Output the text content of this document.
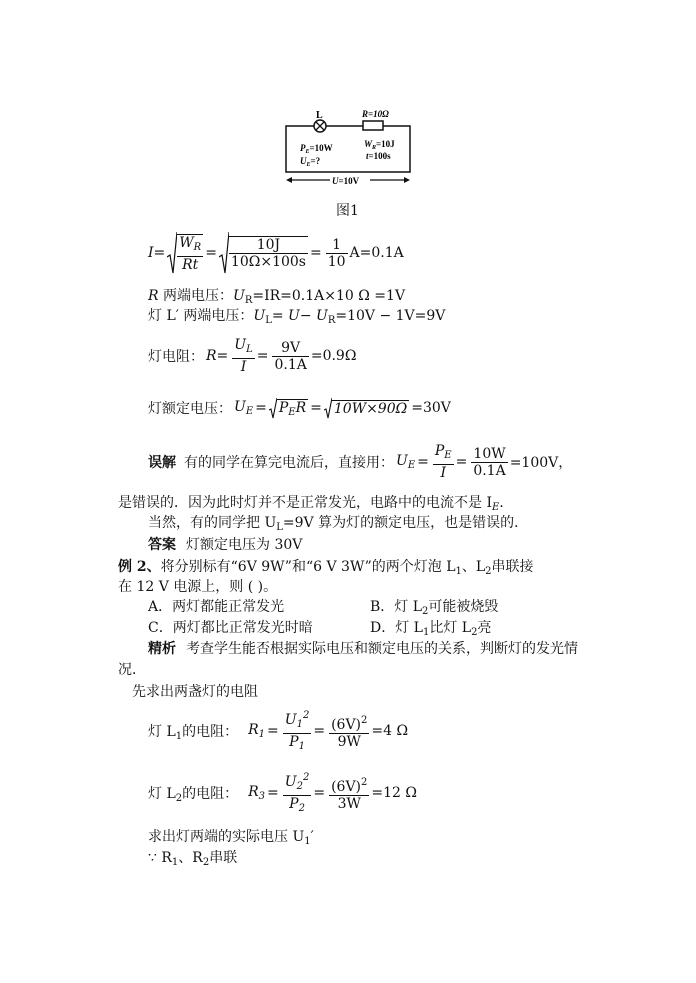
L	R=10Ω
$P_E=10W$
$U_E=$?
$W_R=10J$
t=100s
U=10V
图1
$I= \frac{W_R}{Rt} = \frac{10J}{10\Omega\times 100s} = \frac{1}{10} A=0.1A$
R 两端电压：$U_R=IR=0.1A\times 10$ Ω =1V
灯 L′ 两端电压：$U_L= U- U_R=10V - 1V=9V$
灯电阻： $R= \frac{U_L}{I} = \frac{9V}{0.1A} =0.9\Omega$
灯额定电压： $U_E = P_ER = 10W\times 90\Omega =30V$
误解 有的同学在算完电流后，直接用： $U_E = \frac{P_E}{I} = \frac{10W}{0.1A} =100V$，
是错误的．因为此时灯并不是正常发光，电路中的电流不是 $I_E$.
当然，有的同学把 $U_L=9V$ 算为灯的额定电压，也是错误的．
答案 灯额定电压为 30V
例 2、将分别标有“6V 9W”和“6 V 3W”的两个灯泡 $L_1$、$L_2$串联接
在 12 V 电源上，则 ( )。
A．两灯都能正常发光	B．灯 $L_2$可能被烧毁
C．两灯都比正常发光时暗	D．灯 $L_1$比灯 $L_2$亮
精析 考查学生能否根据实际电压和额定电压的关系，判断灯的发光情
况．
先求出两盏灯的电阻
灯 $L_1$的电阻： $R_1 = \frac{U_1^2}{P_1} = \frac{(6V)^2}{9W} =4$ Ω
灯 $L_2$的电阻： $R_3 = \frac{U_2^2}{P_2} = \frac{(6V)^2}{3W} =12$ Ω
求出灯两端的实际电压 $U_1'$
∵ $R_1$、$R_2$串联
